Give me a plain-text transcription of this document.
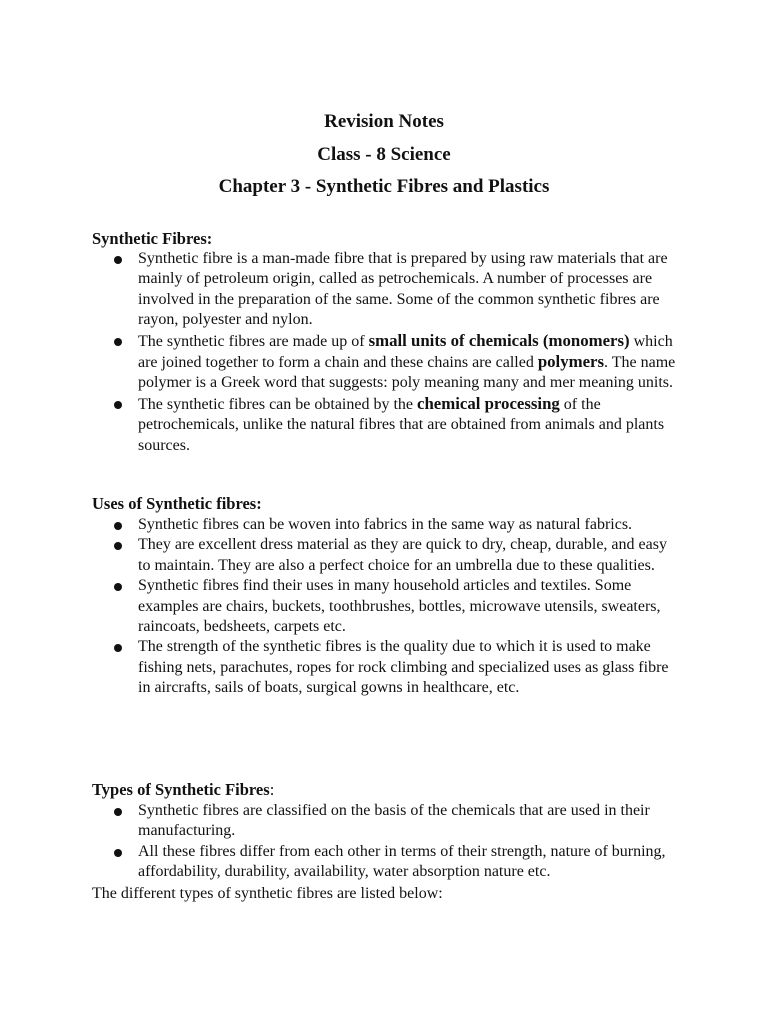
Revision Notes
Class - 8 Science
Chapter 3 - Synthetic Fibres and Plastics
Synthetic Fibres:
Synthetic fibre is a man-made fibre that is prepared by using raw materials that are mainly of petroleum origin, called as petrochemicals. A number of processes are involved in the preparation of the same. Some of the common synthetic fibres are rayon, polyester and nylon.
The synthetic fibres are made up of small units of chemicals (monomers) which are joined together to form a chain and these chains are called polymers. The name polymer is a Greek word that suggests: poly meaning many and mer meaning units.
The synthetic fibres can be obtained by the chemical processing of the petrochemicals, unlike the natural fibres that are obtained from animals and plants sources.
Uses of Synthetic fibres:
Synthetic fibres can be woven into fabrics in the same way as natural fabrics.
They are excellent dress material as they are quick to dry, cheap, durable, and easy to maintain. They are also a perfect choice for an umbrella due to these qualities.
Synthetic fibres find their uses in many household articles and textiles. Some examples are chairs, buckets, toothbrushes, bottles, microwave utensils, sweaters, raincoats, bedsheets, carpets etc.
The strength of the synthetic fibres is the quality due to which it is used to make fishing nets, parachutes, ropes for rock climbing and specialized uses as glass fibre in aircrafts, sails of boats, surgical gowns in healthcare, etc.
Types of Synthetic Fibres:
Synthetic fibres are classified on the basis of the chemicals that are used in their manufacturing.
All these fibres differ from each other in terms of their strength, nature of burning, affordability, durability, availability, water absorption nature etc.

The different types of synthetic fibres are listed below:
